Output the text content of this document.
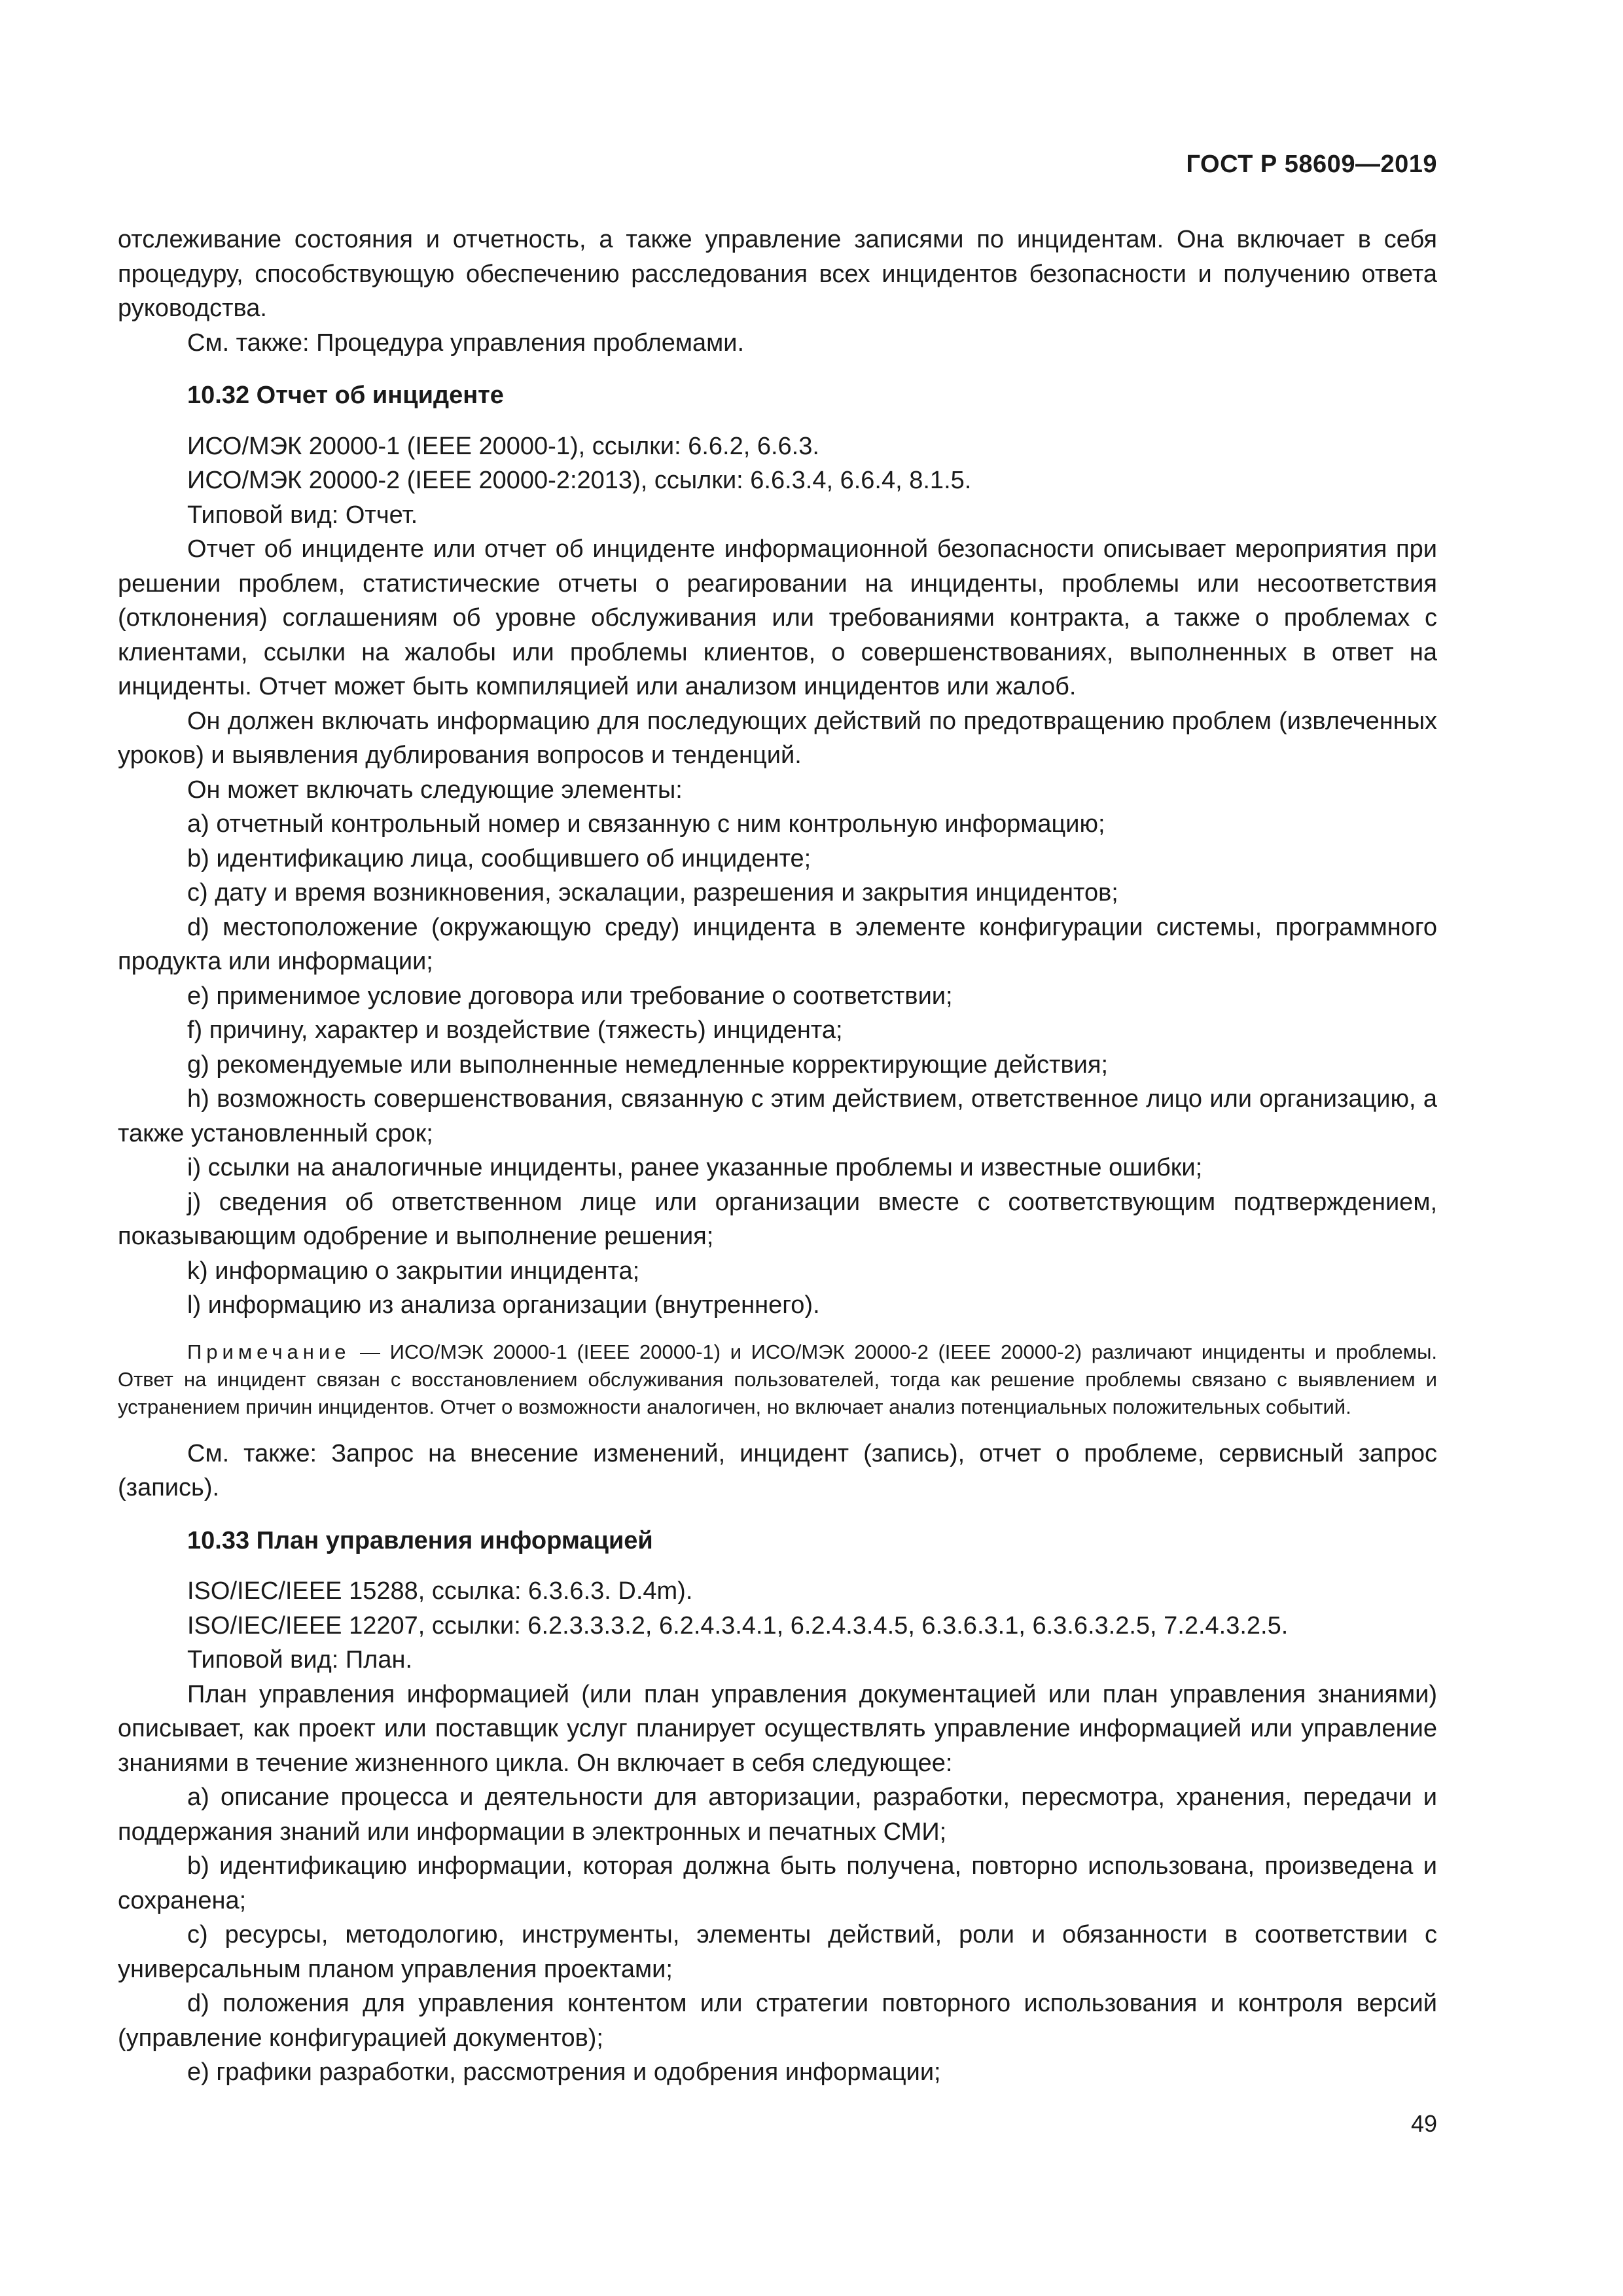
ГОСТ Р 58609—2019

отслеживание состояния и отчетность, а также управление записями по инцидентам. Она включает в себя процедуру, способствующую обеспечению расследования всех инцидентов безопасности и получению ответа руководства.

См. также: Процедура управления проблемами.

10.32 Отчет об инциденте

ИСО/МЭК 20000-1 (IEEE 20000-1), ссылки: 6.6.2, 6.6.3.

ИСО/МЭК 20000-2 (IEEE 20000-2:2013), ссылки: 6.6.3.4, 6.6.4, 8.1.5.

Типовой вид: Отчет.

Отчет об инциденте или отчет об инциденте информационной безопасности описывает мероприятия при решении проблем, статистические отчеты о реагировании на инциденты, проблемы или несоответствия (отклонения) соглашениям об уровне обслуживания или требованиями контракта, а также о проблемах с клиентами, ссылки на жалобы или проблемы клиентов, о совершенствованиях, выполненных в ответ на инциденты. Отчет может быть компиляцией или анализом инцидентов или жалоб.

Он должен включать информацию для последующих действий по предотвращению проблем (извлеченных уроков) и выявления дублирования вопросов и тенденций.

Он может включать следующие элементы:

a) отчетный контрольный номер и связанную с ним контрольную информацию;

b) идентификацию лица, сообщившего об инциденте;

c) дату и время возникновения, эскалации, разрешения и закрытия инцидентов;

d) местоположение (окружающую среду) инцидента в элементе конфигурации системы, программного продукта или информации;

e) применимое условие договора или требование о соответствии;

f) причину, характер и воздействие (тяжесть) инцидента;

g) рекомендуемые или выполненные немедленные корректирующие действия;

h) возможность совершенствования, связанную с этим действием, ответственное лицо или организацию, а также установленный срок;

i) ссылки на аналогичные инциденты, ранее указанные проблемы и известные ошибки;

j) сведения об ответственном лице или организации вместе с соответствующим подтверждением, показывающим одобрение и выполнение решения;

k) информацию о закрытии инцидента;

l) информацию из анализа организации (внутреннего).

Примечание — ИСО/МЭК 20000-1 (IEEE 20000-1) и ИСО/МЭК 20000-2 (IEEE 20000-2) различают инциденты и проблемы. Ответ на инцидент связан с восстановлением обслуживания пользователей, тогда как решение проблемы связано с выявлением и устранением причин инцидентов. Отчет о возможности аналогичен, но включает анализ потенциальных положительных событий.

См. также: Запрос на внесение изменений, инцидент (запись), отчет о проблеме, сервисный запрос (запись).

10.33 План управления информацией

ISO/IEC/IEEE 15288, ссылка: 6.3.6.3. D.4m).

ISO/IEC/IEEE 12207, ссылки: 6.2.3.3.3.2, 6.2.4.3.4.1, 6.2.4.3.4.5, 6.3.6.3.1, 6.3.6.3.2.5, 7.2.4.3.2.5.

Типовой вид: План.

План управления информацией (или план управления документацией или план управления знаниями) описывает, как проект или поставщик услуг планирует осуществлять управление информацией или управление знаниями в течение жизненного цикла. Он включает в себя следующее:

a) описание процесса и деятельности для авторизации, разработки, пересмотра, хранения, передачи и поддержания знаний или информации в электронных и печатных СМИ;

b) идентификацию информации, которая должна быть получена, повторно использована, произведена и сохранена;

c) ресурсы, методологию, инструменты, элементы действий, роли и обязанности в соответствии с универсальным планом управления проектами;

d) положения для управления контентом или стратегии повторного использования и контроля версий (управление конфигурацией документов);

e) графики разработки, рассмотрения и одобрения информации;

49
